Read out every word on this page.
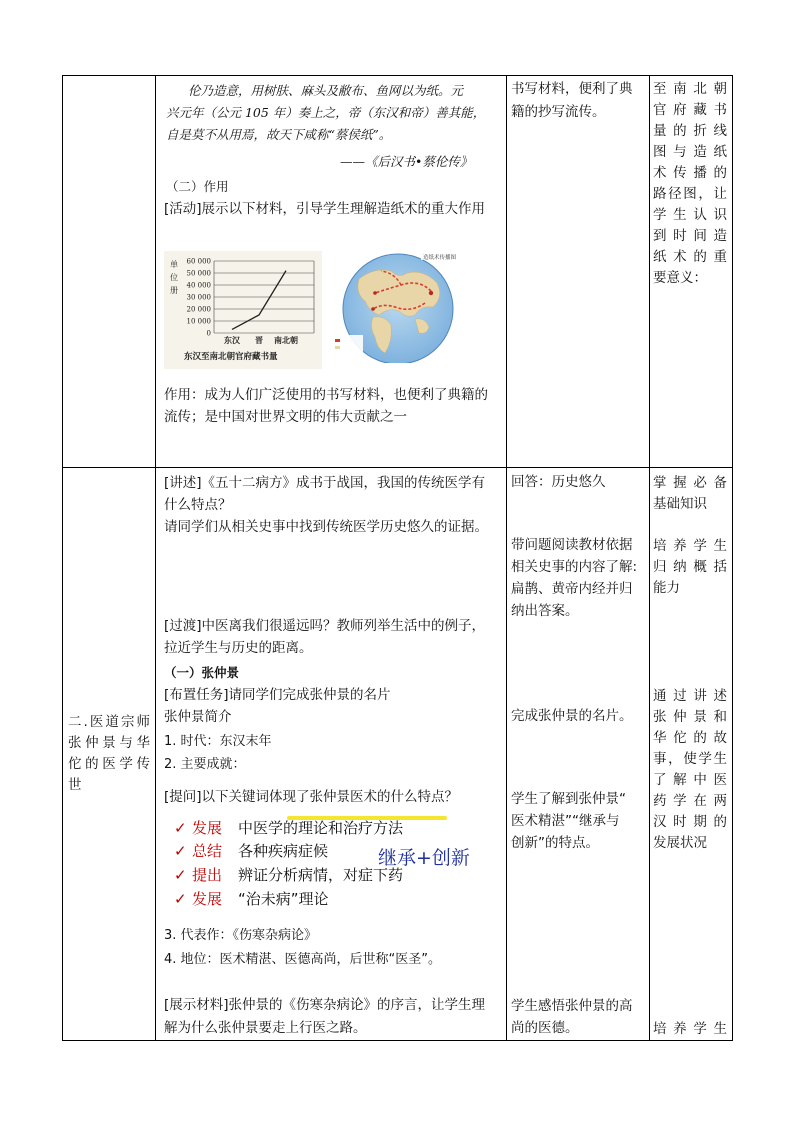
伦乃造意，用树肤、麻头及敝布、鱼网以为纸。元
兴元年（公元 105 年）奏上之，帝（东汉和帝）善其能，
自是莫不从用焉，故天下咸称“蔡侯纸”。
——《后汉书•蔡伦传》
（二）作用
[活动]展示以下材料，引导学生理解造纸术的重大作用
单
位
册
60 000
50 000
40 000
30 000
20 000
10 000
0
东汉 晋 南北朝
东汉至南北朝官府藏书量
造纸术传播图
作用：成为人们广泛使用的书写材料，也便利了典籍的
流传；是中国对世界文明的伟大贡献之一
书写材料，便利了典
籍的抄写流传。
至南北朝
官府藏书
量的折线
图与造纸
术传播的
路径图，让
学生认识
到时间造
纸术的重
要意义：
二.医道宗师
张仲景与华
佗的医学传
世
[讲述]《五十二病方》成书于战国，我国的传统医学有
什么特点？
请同学们从相关史事中找到传统医学历史悠久的证据。
[过渡]中医离我们很遥远吗？教师列举生活中的例子，
拉近学生与历史的距离。
（一）张仲景
[布置任务]请同学们完成张仲景的名片
张仲景简介
1. 时代：东汉末年
2. 主要成就：
[提问]以下关键词体现了张仲景医术的什么特点？
✓ 发展 中医学的理论和治疗方法
✓ 总结 各种疾病症候
✓ 提出 辨证分析病情，对症下药
✓ 发展 “治未病”理论
继承+创新
3. 代表作：《伤寒杂病论》
4. 地位：医术精湛、医德高尚，后世称“医圣”。
[展示材料]张仲景的《伤寒杂病论》的序言，让学生理
解为什么张仲景要走上行医之路。
回答：历史悠久
带问题阅读教材依据
相关史事的内容了解:
扁鹊、黄帝内经并归
纳出答案。
完成张仲景的名片。
学生了解到张仲景“
医术精湛”“继承与
创新”的特点。
学生感悟张仲景的高
尚的医德。
掌握必备
基础知识
培养学生
归纳概括
能力
通过讲述
张仲景和
华佗的故
事，使学生
了解中医
药学在两
汉时期的
发展状况
培养学生
